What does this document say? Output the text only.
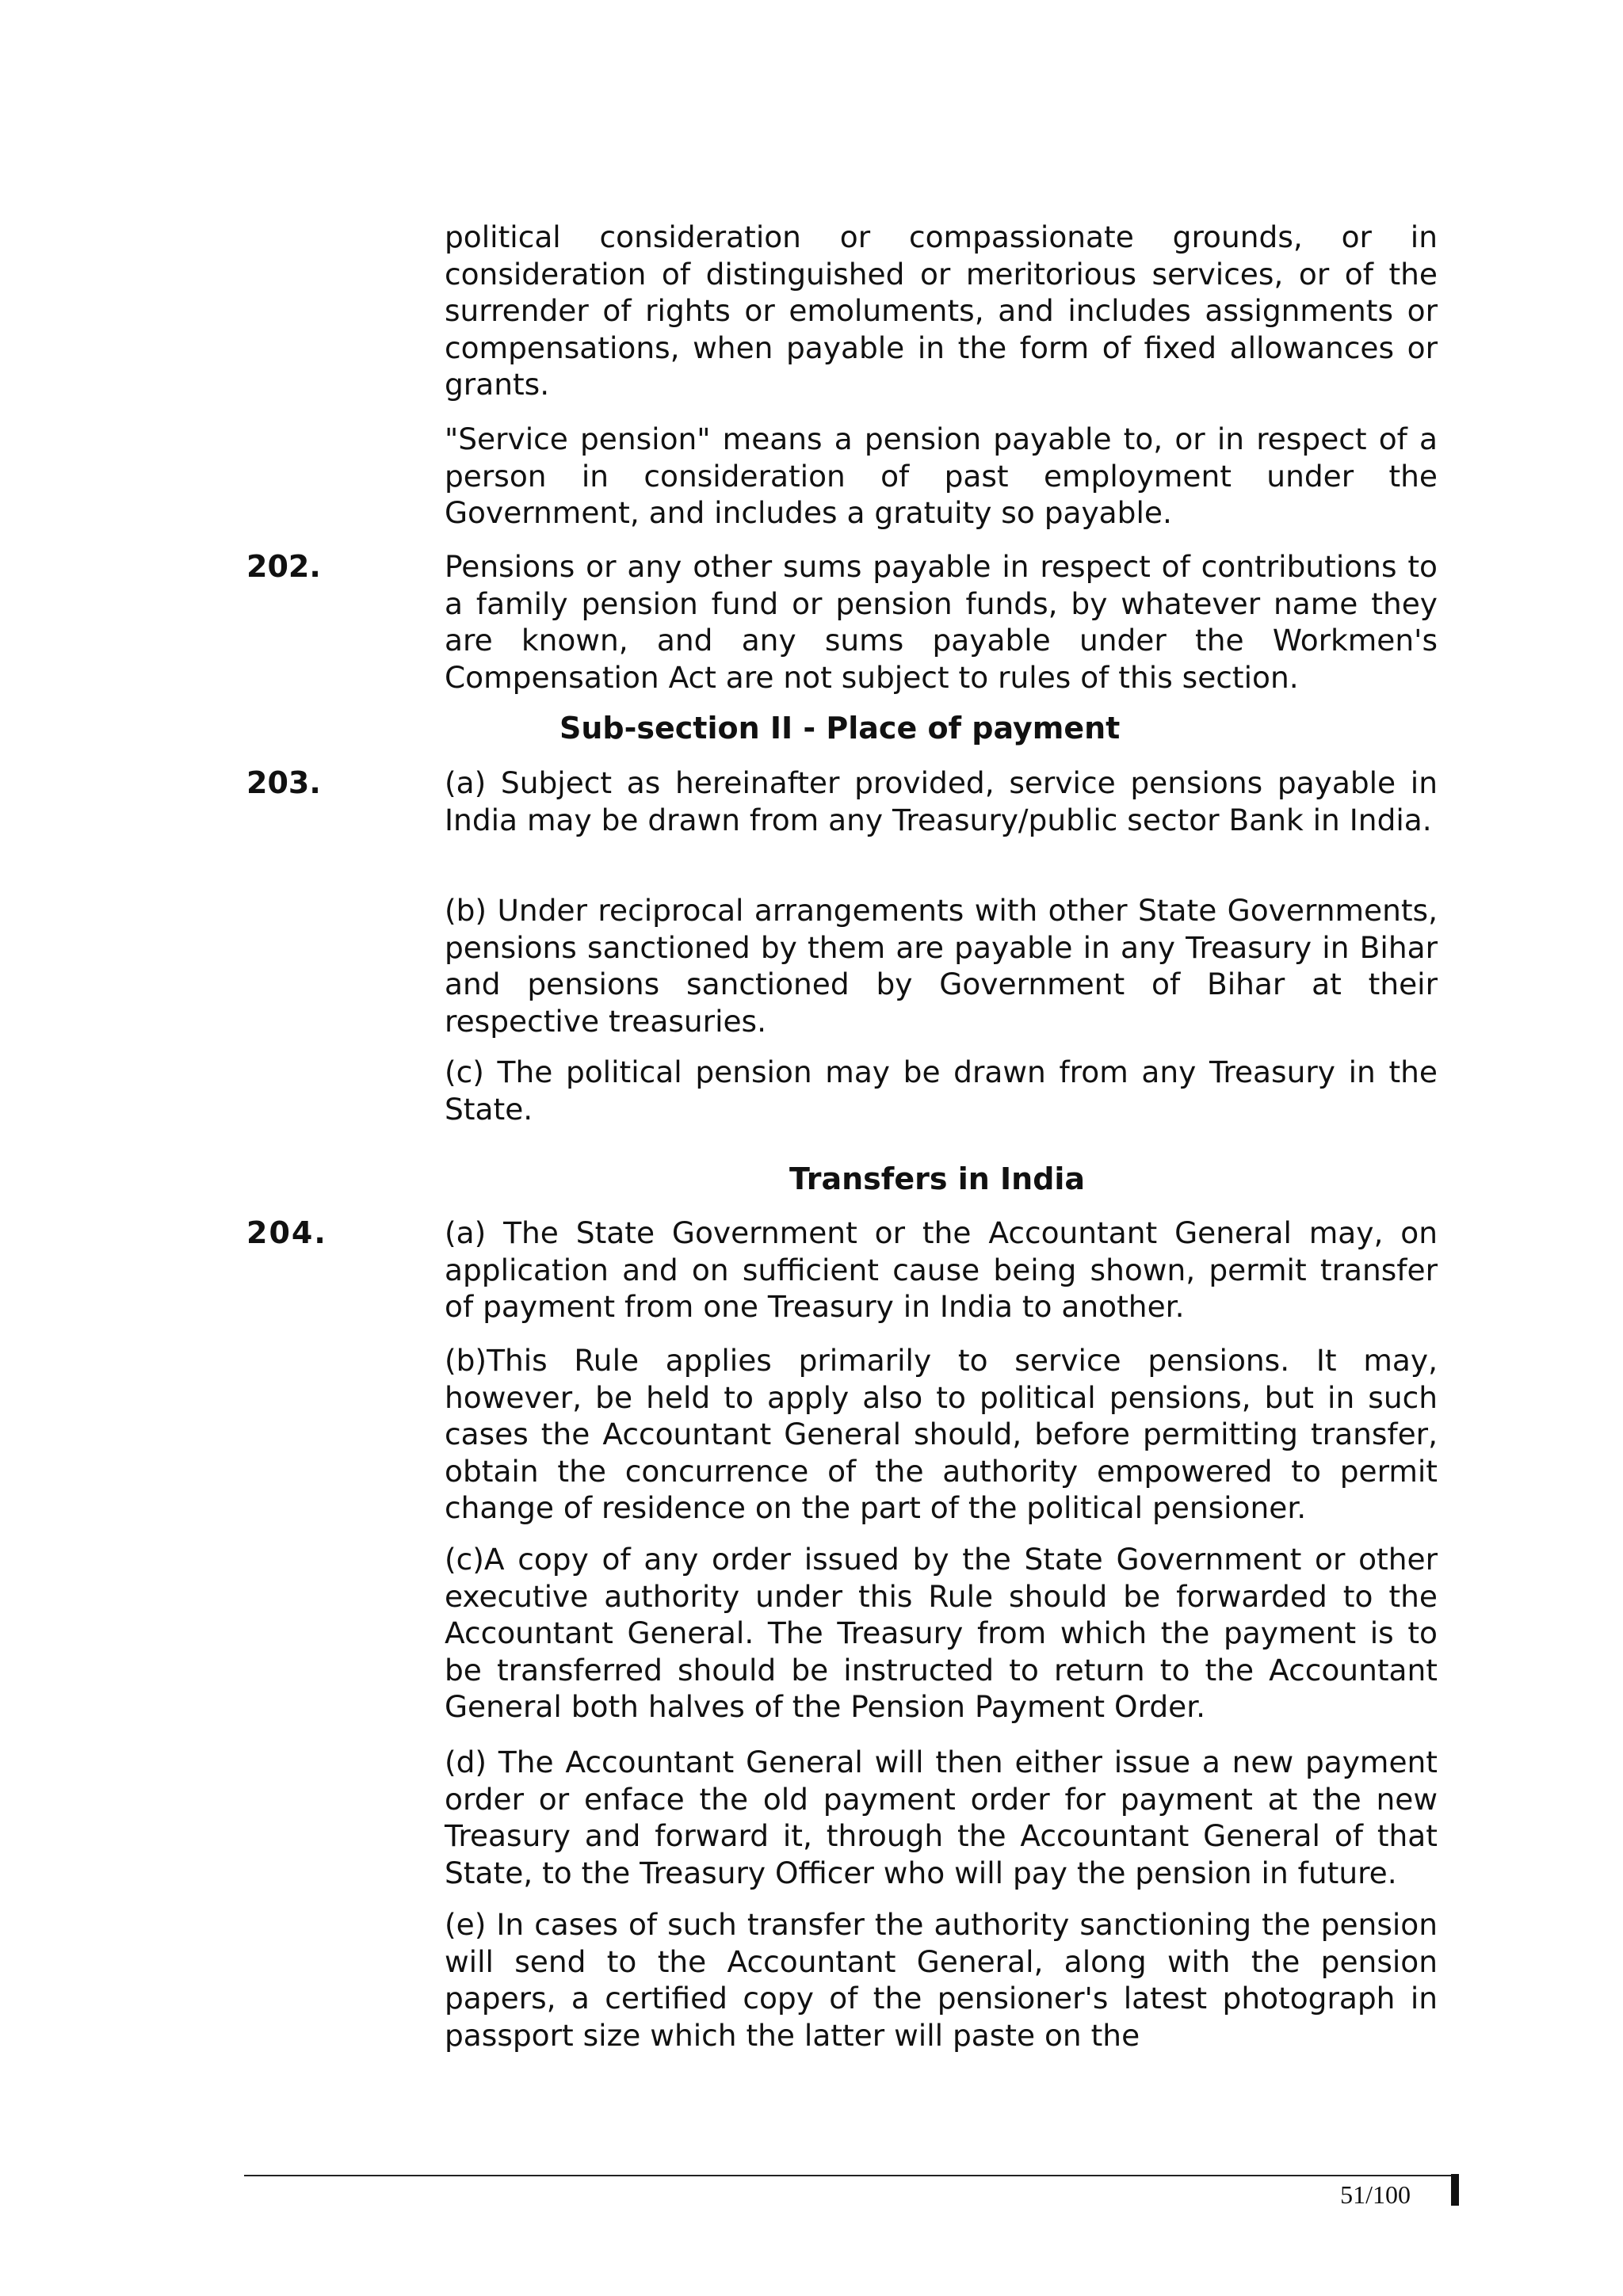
political consideration or compassionate grounds, or in consideration of distinguished or meritorious services, or of the surrender of rights or emoluments, and includes assignments or compensations, when payable in the form of fixed allowances or grants.

"Service pension" means a pension payable to, or in respect of a person in consideration of past employment under the Government, and includes a gratuity so payable.

202.	Pensions or any other sums payable in respect of contributions to a family pension fund or pension funds, by whatever name they are known, and any sums payable under the Workmen's Compensation Act are not subject to rules of this section.

Sub-section II - Place of payment

203.	(a) Subject as hereinafter provided, service pensions payable in India may be drawn from any Treasury/public sector Bank in India.

(b) Under reciprocal arrangements with other State Governments, pensions sanctioned by them are payable in any Treasury in Bihar and pensions sanctioned by Government of Bihar at their respective treasuries.

(c) The political pension may be drawn from any Treasury in the State.

Transfers in India

204.	(a) The State Government or the Accountant General may, on application and on sufficient cause being shown, permit transfer of payment from one Treasury in India to another.

(b)This Rule applies primarily to service pensions. It may, however, be held to apply also to political pensions, but in such cases the Accountant General should, before permitting transfer, obtain the concurrence of the authority empowered to permit change of residence on the part of the political pensioner.

(c)A copy of any order issued by the State Government or other executive authority under this Rule should be forwarded to the Accountant General. The Treasury from which the payment is to be transferred should be instructed to return to the Accountant General both halves of the Pension Payment Order.

(d) The Accountant General will then either issue a new payment order or enface the old payment order for payment at the new Treasury and forward it, through the Accountant General of that State, to the Treasury Officer who will pay the pension in future.

(e) In cases of such transfer the authority sanctioning the pension will send to the Accountant General, along with the pension papers, a certified copy of the pensioner's latest photograph in passport size which the latter will paste on the

51/100
